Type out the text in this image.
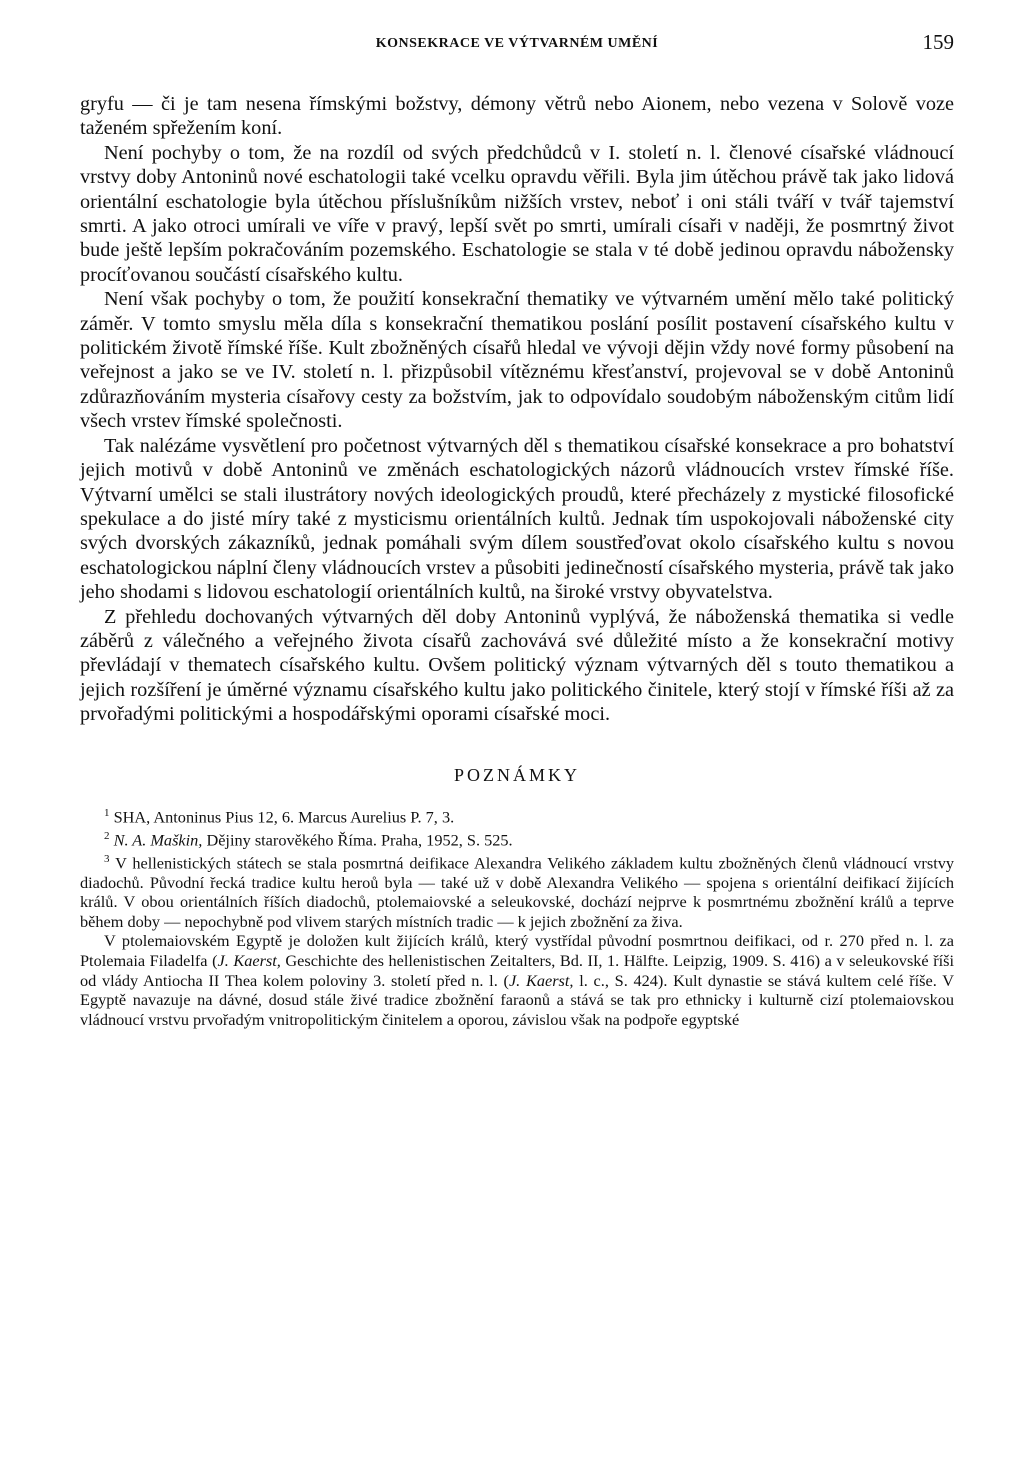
KONSEKRACE VE VÝTVARNÉM UMĚNÍ	159

gryfu — či je tam nesena římskými božstvy, démony větrů nebo Aionem, nebo vezena v Solově voze taženém spřežením koní.

Není pochyby o tom, že na rozdíl od svých předchůdců v I. století n. l. členové císařské vládnoucí vrstvy doby Antoninů nové eschatologii také vcelku opravdu věřili. Byla jim útěchou právě tak jako lidová orientální eschatologie byla útěchou příslušníkům nižších vrstev, neboť i oni stáli tváří v tvář tajemství smrti. A jako otroci umírali ve víře v pravý, lepší svět po smrti, umírali císaři v naději, že posmrtný život bude ještě lepším pokračováním pozemského. Eschatologie se stala v té době jedinou opravdu nábožensky procíťovanou součástí císařského kultu.

Není však pochyby o tom, že použití konsekrační thematiky ve výtvarném umění mělo také politický záměr. V tomto smyslu měla díla s konsekrační thematikou poslání posílit postavení císařského kultu v politickém životě římské říše. Kult zbožněných císařů hledal ve vývoji dějin vždy nové formy působení na veřejnost a jako se ve IV. století n. l. přizpůsobil vítěznému křesťanství, projevoval se v době Antoninů zdůrazňováním mysteria císařovy cesty za božstvím, jak to odpovídalo soudobým náboženským citům lidí všech vrstev římské společnosti.

Tak nalézáme vysvětlení pro početnost výtvarných děl s thematikou císařské konsekrace a pro bohatství jejich motivů v době Antoninů ve změnách eschatologických názorů vládnoucích vrstev římské říše. Výtvarní umělci se stali ilustrátory nových ideologických proudů, které přecházely z mystické filosofické spekulace a do jisté míry také z mysticismu orientálních kultů. Jednak tím uspokojovali náboženské city svých dvorských zákazníků, jednak pomáhali svým dílem soustřeďovat okolo císařského kultu s novou eschatologickou náplní členy vládnoucích vrstev a působiti jedinečností císařského mysteria, právě tak jako jeho shodami s lidovou eschatologií orientálních kultů, na široké vrstvy obyvatelstva.

Z přehledu dochovaných výtvarných děl doby Antoninů vyplývá, že náboženská thematika si vedle záběrů z válečného a veřejného života císařů zachovává své důležité místo a že konsekrační motivy převládají v thematech císařského kultu. Ovšem politický význam výtvarných děl s touto thematikou a jejich rozšíření je úměrné významu císařského kultu jako politického činitele, který stojí v římské říši až za prvořadými politickými a hospodářskými oporami císařské moci.

POZNÁMKY

$^1$ SHA, Antoninus Pius 12, 6. Marcus Aurelius P. 7, 3.

$^2$ N. A. Maškin, Dějiny starověkého Říma. Praha, 1952, S. 525.

$^3$ V hellenistických státech se stala posmrtná deifikace Alexandra Velikého základem kultu zbožněných členů vládnoucí vrstvy diadochů. Původní řecká tradice kultu heroů byla — také už v době Alexandra Velikého — spojena s orientální deifikací žijících králů. V obou orientálních říších diadochů, ptolemaiovské a seleukovské, dochází nejprve k posmrtnému zbožnění králů a teprve během doby — nepochybně pod vlivem starých místních tradic — k jejich zbožnění za živa.

V ptolemaiovském Egyptě je doložen kult žijících králů, který vystřídal původní posmrtnou deifikaci, od r. 270 před n. l. za Ptolemaia Filadelfa (J. Kaerst, Geschichte des hellenistischen Zeitalters, Bd. II, 1. Hälfte. Leipzig, 1909. S. 416) a v seleukovské říši od vlády Antiocha II Thea kolem poloviny 3. století před n. l. (J. Kaerst, l. c., S. 424). Kult dynastie se stává kultem celé říše. V Egyptě navazuje na dávné, dosud stále živé tradice zbožnění faraonů a stává se tak pro ethnicky i kulturně cizí ptolemaiovskou vládnoucí vrstvu prvořadým vnitropolitickým činitelem a oporou, závislou však na podpoře egyptské
